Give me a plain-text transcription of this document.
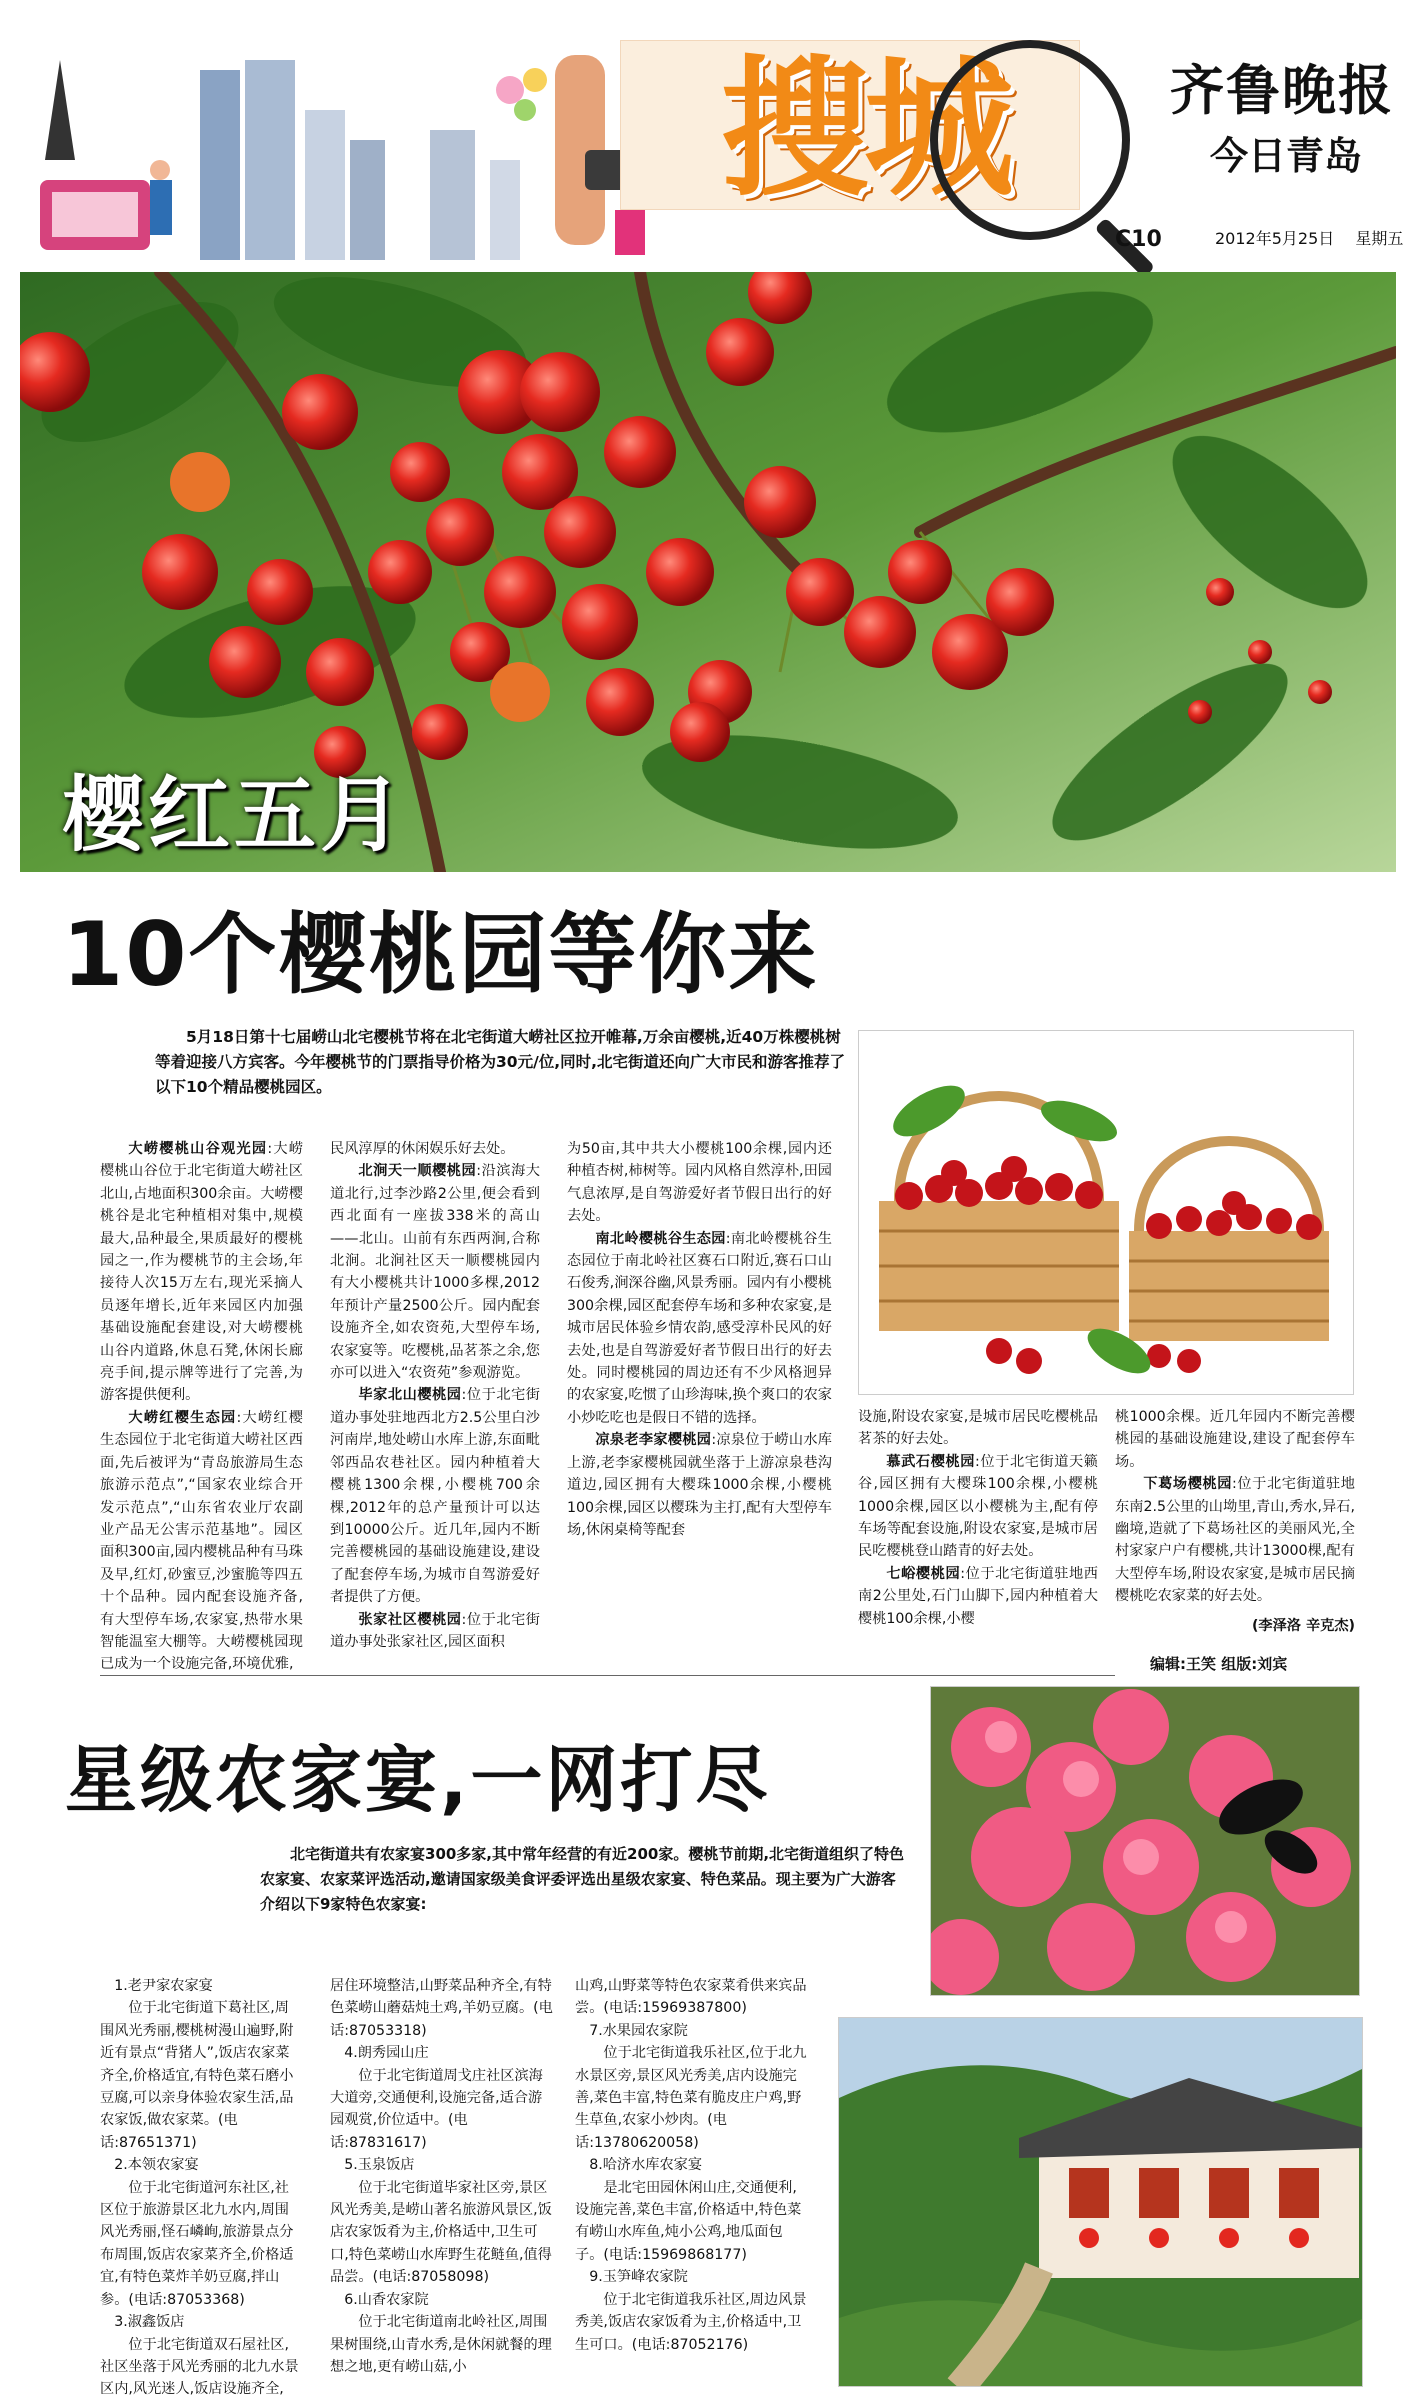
搜城	齐鲁晚报
今日青岛
C10	2012年5月25日 星期五
樱红五月
10个樱桃园等你来
5月18日第十七届崂山北宅樱桃节将在北宅街道大崂社区拉开帷幕,万余亩樱桃,近40万株樱桃树等着迎接八方宾客。今年樱桃节的门票指导价格为30元/位,同时,北宅街道还向广大市民和游客推荐了以下10个精品樱桃园区。
大崂樱桃山谷观光园:大崂樱桃山谷位于北宅街道大崂社区北山,占地面积300余亩。大崂樱桃谷是北宅种植相对集中,规模最大,品种最全,果质最好的樱桃园之一,作为樱桃节的主会场,年接待人次15万左右,现光采摘人员逐年增长,近年来园区内加强基础设施配套建设,对大崂樱桃山谷内道路,休息石凳,休闲长廊亮手间,提示牌等进行了完善,为游客提供便利。
大崂红樱生态园:大崂红樱生态园位于北宅街道大崂社区西面,先后被评为“青岛旅游局生态旅游示范点”,“国家农业综合开发示范点”,“山东省农业厅农副业产品无公害示范基地”。园区面积300亩,园内樱桃品种有马珠及早,红灯,砂蜜豆,沙蜜脆等四五十个品种。园内配套设施齐备,有大型停车场,农家宴,热带水果智能温室大棚等。大崂樱桃园现已成为一个设施完备,环境优雅,
民风淳厚的休闲娱乐好去处。
北涧天一顺樱桃园:沿滨海大道北行,过李沙路2公里,便会看到西北面有一座拔338米的高山——北山。山前有东西两涧,合称北涧。北涧社区天一顺樱桃园内有大小樱桃共计1000多棵,2012年预计产量2500公斤。园内配套设施齐全,如农资苑,大型停车场,农家宴等。吃樱桃,品茗茶之余,您亦可以进入“农资苑”参观游览。
毕家北山樱桃园:位于北宅街道办事处驻地西北方2.5公里白沙河南岸,地处崂山水库上游,东面毗邻西品农巷社区。园内种植着大樱桃1300余棵,小樱桃700余棵,2012年的总产量预计可以达到10000公斤。近几年,园内不断完善樱桃园的基础设施建设,建设了配套停车场,为城市自驾游爱好者提供了方便。
张家社区樱桃园:位于北宅街道办事处张家社区,园区面积
为50亩,其中共大小樱桃100余棵,园内还种植杏树,柿树等。园内风格自然淳朴,田园气息浓厚,是自驾游爱好者节假日出行的好去处。
南北岭樱桃谷生态园:南北岭樱桃谷生态园位于南北岭社区赛石口附近,赛石口山石俊秀,涧深谷幽,风景秀丽。园内有小樱桃300余棵,园区配套停车场和多种农家宴,是城市居民体验乡情农韵,感受淳朴民风的好去处,也是自驾游爱好者节假日出行的好去处。同时樱桃园的周边还有不少风格迥异的农家宴,吃惯了山珍海味,换个爽口的农家小炒吃吃也是假日不错的选择。
凉泉老李家樱桃园:凉泉位于崂山水库上游,老李家樱桃园就坐落于上游凉泉巷沟道边,园区拥有大樱珠1000余棵,小樱桃100余棵,园区以樱珠为主打,配有大型停车场,休闲桌椅等配套
设施,附设农家宴,是城市居民吃樱桃品茗茶的好去处。
慕武石樱桃园:位于北宅街道天籁谷,园区拥有大樱珠100余棵,小樱桃1000余棵,园区以小樱桃为主,配有停车场等配套设施,附设农家宴,是城市居民吃樱桃登山踏青的好去处。
七峪樱桃园:位于北宅街道驻地西南2公里处,石门山脚下,园内种植着大樱桃100余棵,小樱
桃1000余棵。近几年园内不断完善樱桃园的基础设施建设,建设了配套停车场。
下葛场樱桃园:位于北宅街道驻地东南2.5公里的山坳里,青山,秀水,异石,幽境,造就了下葛场社区的美丽风光,全村家家户户有樱桃,共计13000棵,配有大型停车场,附设农家宴,是城市居民摘樱桃吃农家菜的好去处。
(李泽洛 辛克杰)
编辑:王笑 组版:刘宾
星级农家宴,一网打尽
北宅街道共有农家宴300多家,其中常年经营的有近200家。樱桃节前期,北宅街道组织了特色农家宴、农家菜评选活动,邀请国家级美食评委评选出星级农家宴、特色菜品。现主要为广大游客介绍以下9家特色农家宴:
1.老尹家农家宴
位于北宅街道下葛社区,周围风光秀丽,樱桃树漫山遍野,附近有景点“背猪人”,饭店农家菜齐全,价格适宜,有特色菜石磨小豆腐,可以亲身体验农家生活,品农家饭,做农家菜。(电话:87651371)
2.本领农家宴
位于北宅街道河东社区,社区位于旅游景区北九水内,周围风光秀丽,怪石嶙峋,旅游景点分布周围,饭店农家菜齐全,价格适宜,有特色菜炸羊奶豆腐,拌山参。(电话:87053368)
3.淑鑫饭店
位于北宅街道双石屋社区,社区坐落于风光秀丽的北九水景区内,风光迷人,饭店设施齐全,
居住环境整洁,山野菜品种齐全,有特色菜崂山蘑菇炖土鸡,羊奶豆腐。(电话:87053318)
4.朗秀园山庄
位于北宅街道周戈庄社区滨海大道旁,交通便利,设施完备,适合游园观赏,价位适中。(电话:87831617)
5.玉泉饭店
位于北宅街道毕家社区旁,景区风光秀美,是崂山著名旅游风景区,饭店农家饭肴为主,价格适中,卫生可口,特色菜崂山水库野生花鲢鱼,值得品尝。(电话:87058098)
6.山香农家院
位于北宅街道南北岭社区,周围果树围绕,山青水秀,是休闲就餐的理想之地,更有崂山菇,小
山鸡,山野菜等特色农家菜肴供来宾品尝。(电话:15969387800)
7.水果园农家院
位于北宅街道我乐社区,位于北九水景区旁,景区风光秀美,店内设施完善,菜色丰富,特色菜有脆皮庄户鸡,野生草鱼,农家小炒肉。(电话:13780620058)
8.哈济水库农家宴
是北宅田园休闲山庄,交通便利,设施完善,菜色丰富,价格适中,特色菜有崂山水库鱼,炖小公鸡,地瓜面包子。(电话:15969868177)
9.玉笋峰农家院
位于北宅街道我乐社区,周边风景秀美,饭店农家饭肴为主,价格适中,卫生可口。(电话:87052176)
